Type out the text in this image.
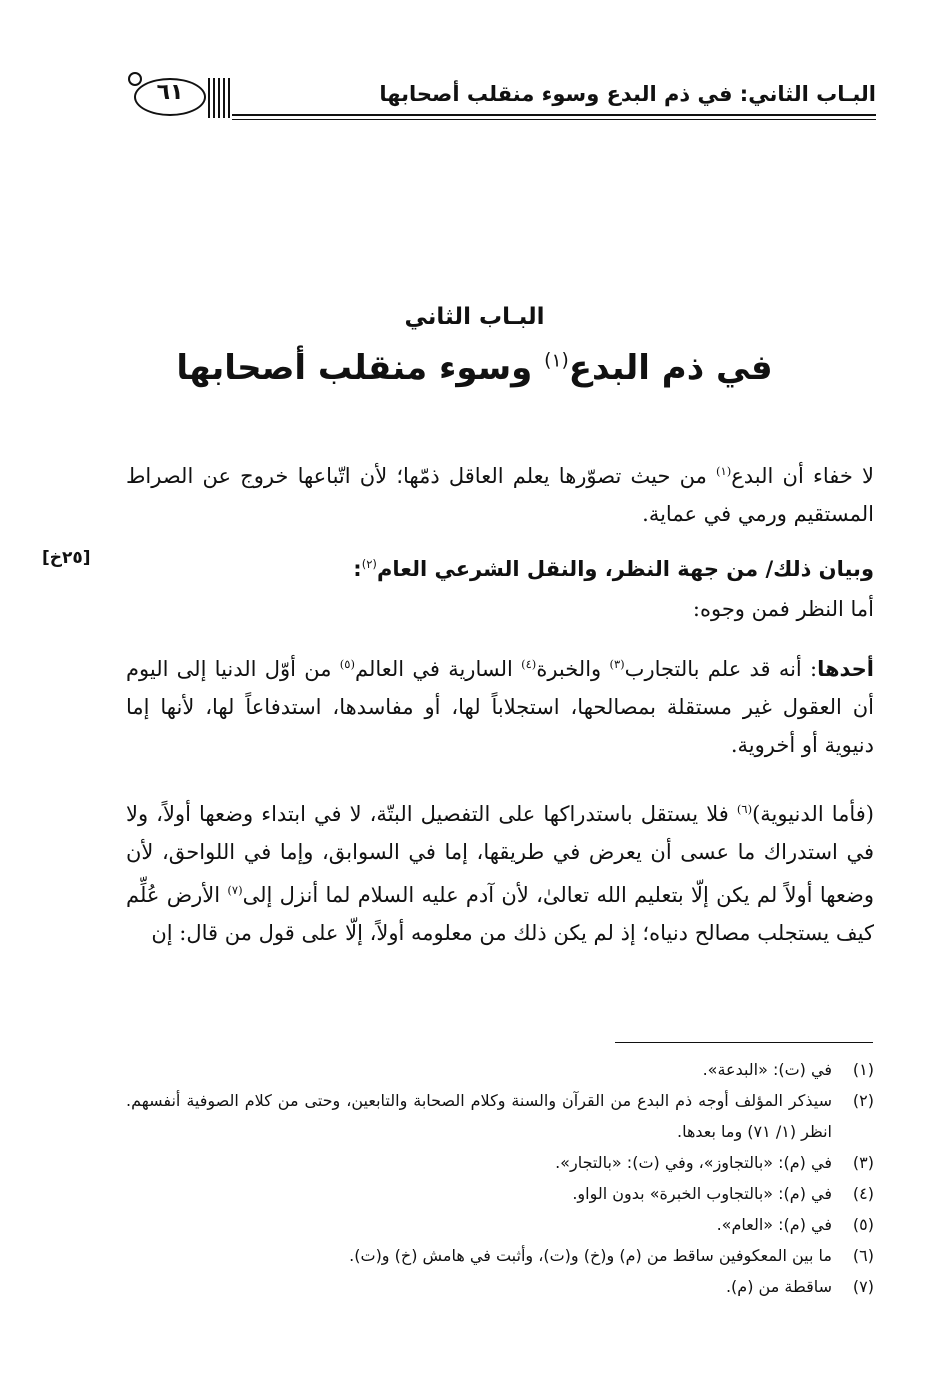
البـاب الثاني: في ذم البدع وسوء منقلب أصحابها
٦١
البـاب الثاني
في ذم البدع$^{(١)}$ وسوء منقلب أصحابها
[٢٥خ]

لا خفاء أن البدع$^{(١)}$ من حيث تصوّرها يعلم العاقل ذمّها؛ لأن اتّباعها خروج عن الصراط المستقيم ورمي في عماية.

وبيان ذلك/ من جهة النظر، والنقل الشرعي العام$^{(٢)}$:

أما النظر فمن وجوه:

أحدها: أنه قد علم بالتجارب$^{(٣)}$ والخبرة$^{(٤)}$ السارية في العالم$^{(٥)}$ من أوّل الدنيا إلى اليوم أن العقول غير مستقلة بمصالحها، استجلاباً لها، أو مفاسدها، استدفاعاً لها، لأنها إما دنيوية أو أخروية.

(فأما الدنيوية)$^{(٦)}$ فلا يستقل باستدراكها على التفصيل البتّة، لا في ابتداء وضعها أولاً، ولا في استدراك ما عسى أن يعرض في طريقها، إما في السوابق، وإما في اللواحق، لأن وضعها أولاً لم يكن إلّا بتعليم الله تعالىٰ، لأن آدم عليه السلام لما أنزل إلى$^{(٧)}$ الأرض عُلِّم كيف يستجلب مصالح دنياه؛ إذ لم يكن ذلك من معلومه أولاً، إلّا على قول من قال: إن

(١)
في (ت): «البدعة».
(٢)
سيذكر المؤلف أوجه ذم البدع من القرآن والسنة وكلام الصحابة والتابعين، وحتى من كلام الصوفية أنفسهم. انظر (١/ ٧١) وما بعدها.
(٣)
في (م): «بالتجاوز»، وفي (ت): «بالتجار».
(٤)
في (م): «بالتجاوب الخبرة» بدون الواو.
(٥)
في (م): «العام».
(٦)
ما بين المعكوفين ساقط من (م) و(خ) و(ت)، وأثبت في هامش (خ) و(ت).
(٧)
ساقطة من (م).
